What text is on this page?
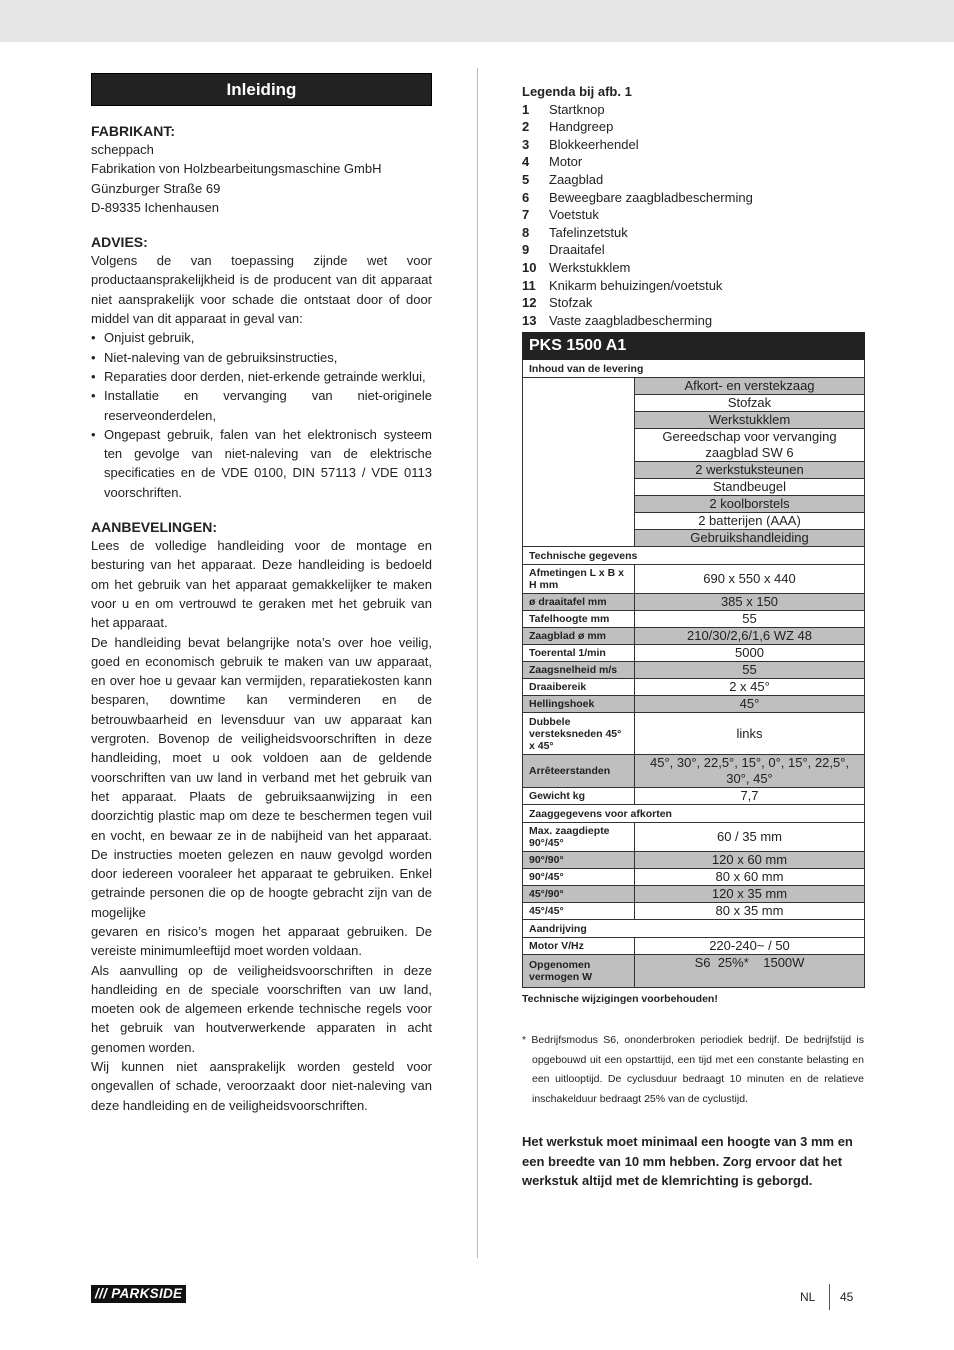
Inleiding
FABRIKANT:
scheppach
Fabrikation von Holzbearbeitungsmaschine GmbH
Günzburger Straße 69
D-89335 Ichenhausen
ADVIES:
Volgens de van toepassing zijnde wet voor productaansprakelijkheid is de producent van dit apparaat niet aansprakelijk voor schade die ontstaat door of door middel van dit apparaat in geval van:
• Onjuist gebruik,
• Niet-naleving van de gebruiksinstructies,
• Reparaties door derden, niet-erkende getrainde werklui,
• Installatie en vervanging van niet-originele reserveonderdelen,
• Ongepast gebruik, falen van het elektronisch systeem ten gevolge van niet-naleving van de elektrische specificaties en de VDE 0100, DIN 57113 / VDE 0113 voorschriften.
AANBEVELINGEN:
Lees de volledige handleiding voor de montage en besturing van het apparaat. Deze handleiding is bedoeld om het gebruik van het apparaat gemakkelijker te maken voor u en om vertrouwd te geraken met het gebruik van het apparaat.
De handleiding bevat belangrijke nota’s over hoe veilig, goed en economisch gebruik te maken van uw apparaat, en over hoe u gevaar kan vermijden, reparatiekosten kann besparen, downtime kan verminderen en de betrouwbaarheid en levensduur van uw apparaat kan vergroten. Bovenop de veiligheidsvoorschriften in deze handleiding, moet u ook voldoen aan de geldende voorschriften van uw land in verband met het gebruik van het apparaat. Plaats de gebruiksaanwijzing in een doorzichtig plastic map om deze te beschermen tegen vuil en vocht, en bewaar ze in de nabijheid van het apparaat. De instructies moeten gelezen en nauw gevolgd worden door iedereen vooraleer het apparaat te gebruiken. Enkel getrainde personen die op de hoogte gebracht zijn van de mogelijke
gevaren en risico’s mogen het apparaat gebruiken. De vereiste minimumleeftijd moet worden voldaan.
Als aanvulling op de veiligheidsvoorschriften in deze handleiding en de speciale voorschriften van uw land, moeten ook de algemeen erkende technische regels voor het gebruik van houtverwerkende apparaten in acht genomen worden.
Wij kunnen niet aansprakelijk worden gesteld voor ongevallen of schade, veroorzaakt door niet-naleving van deze handleiding en de veiligheidsvoorschriften.
Legenda bij afb. 1
1	Startknop
2	Handgreep
3	Blokkeerhendel
4	Motor
5	Zaagblad
6	Beweegbare zaagbladbescherming
7	Voetstuk
8	Tafelinzetstuk
9	Draaitafel
10 Werkstukklem
11	Knikarm behuizingen/voetstuk
12 Stofzak
13 Vaste zaagbladbescherming
PKS 1500 A1	
Inhoud van de levering	
	Afkort- en verstekzaag
	Stofzak
	Werkstukklem
	Gereedschap voor vervanging zaagblad SW 6
	2 werkstuksteunen
	Standbeugel
	2 koolborstels
	2 batterijen (AAA)
	Gebruikshandleiding
Technische gegevens	
Afmetingen L x B x H mm	690 x 550 x 440
ø draaitafel mm	385 x 150
Tafelhoogte mm	55
Zaagblad ø mm	210/30/2,6/1,6 WZ 48
Toerental 1/min	5000
Zaagsnelheid m/s	55
Draaibereik	2 x 45°
Hellingshoek	45°
Dubbele versteksneden 45° x 45°	links
Arrêteerstanden	45°, 30°, 22,5°, 15°, 0°, 15°, 22,5°, 30°, 45°
Gewicht kg	7,7
Zaaggegevens voor afkorten	
Max. zaagdiepte 90°/45°	60 / 35 mm
90°/90°	120 x 60 mm
90°/45°	80 x 60 mm
45°/90°	120 x 35 mm
45°/45°	80 x 35 mm
Aandrijving	
Motor V/Hz	220-240~ / 50
Opgenomen vermogen W	S6  25%*    1500W
Technische wijzigingen voorbehouden!
* Bedrijfsmodus S6, ononderbroken periodiek bedrijf. De bedrijfstijd is opgebouwd uit een opstarttijd, een tijd met een constante belasting en een uitlooptijd. De cyclusduur bedraagt 10 minuten en de relatieve inschakelduur bedraagt 25% van de cyclustijd.
Het werkstuk moet minimaal een hoogte van 3 mm en een breedte van 10 mm hebben. Zorg ervoor dat het werkstuk altijd met de klemrichting is geborgd.
/// PARKSIDE	NL 45
